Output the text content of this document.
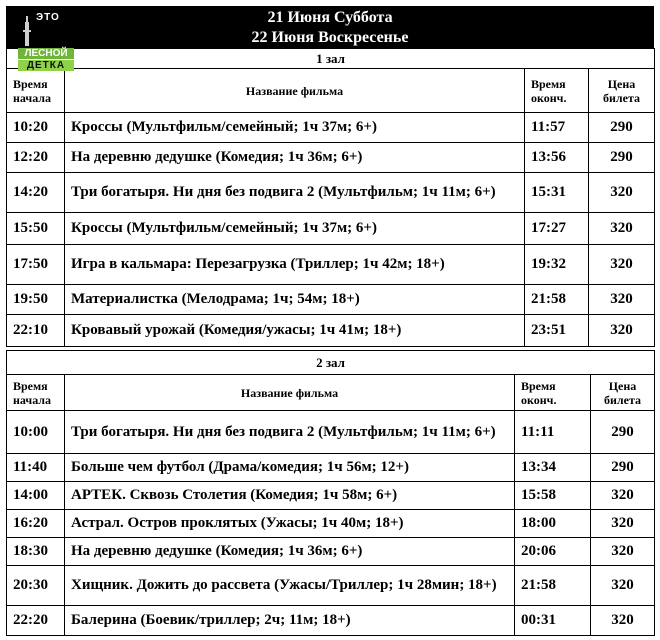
21 Июня Суббота
22 Июня Воскресенье
ЭТО
ЛЕСНОЙ
ДЕТКА	1 зал			
Время начала	Название фильма	Время оконч.	Цена билета
10:20	Кроссы (Мультфильм/семейный; 1ч 37м; 6+)	11:57	290
12:20	На деревню дедушке (Комедия; 1ч 36м; 6+)	13:56	290
14:20	Три богатыря. Ни дня без подвига 2 (Мультфильм; 1ч 11м; 6+)	15:31	320
15:50	Кроссы (Мультфильм/семейный; 1ч 37м; 6+)	17:27	320
17:50	Игра в кальмара: Перезагрузка (Триллер; 1ч 42м; 18+)	19:32	320
19:50	Материалистка (Мелодрама; 1ч; 54м; 18+)	21:58	320
22:10	Кровавый урожай (Комедия/ужасы; 1ч 41м; 18+)	23:51	320
2 зал			
Время начала	Название фильма	Время оконч.	Цена билета
10:00	Три богатыря. Ни дня без подвига 2 (Мультфильм; 1ч 11м; 6+)	11:11	290
11:40	Больше чем футбол (Драма/комедия; 1ч 56м; 12+)	13:34	290
14:00	АРТЕК. Сквозь Столетия (Комедия; 1ч 58м; 6+)	15:58	320
16:20	Астрал. Остров проклятых (Ужасы; 1ч 40м; 18+)	18:00	320
18:30	На деревню дедушке (Комедия; 1ч 36м; 6+)	20:06	320
20:30	Хищник. Дожить до рассвета (Ужасы/Триллер; 1ч 28мин; 18+)	21:58	320
22:20	Балерина (Боевик/триллер; 2ч; 11м; 18+)	00:31	320
